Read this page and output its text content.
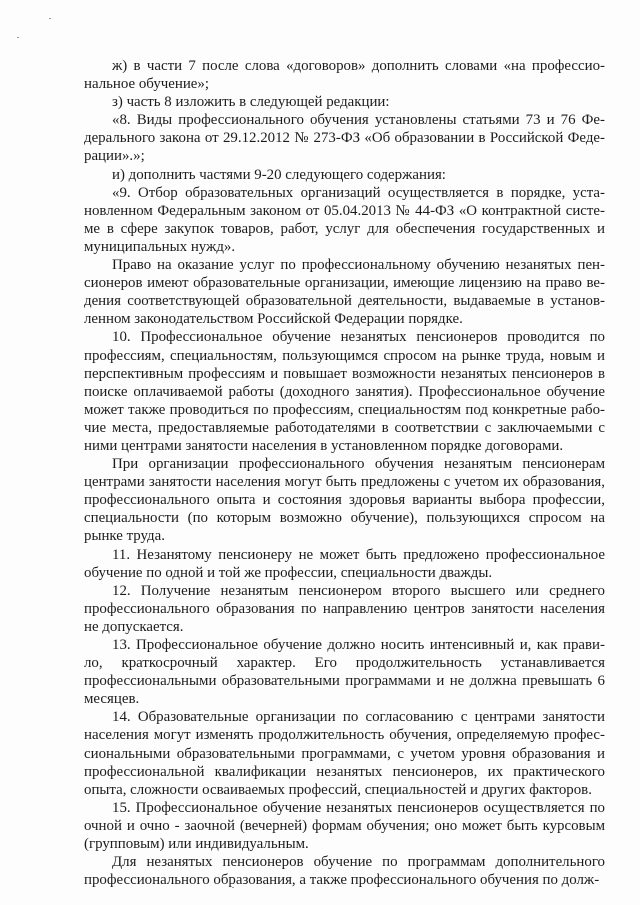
ж) в части 7 после слова «договоров» дополнить словами «на профессиональное обучение»;

з) часть 8 изложить в следующей редакции:

«8. Виды профессионального обучения установлены статьями 73 и 76 Федерального закона от 29.12.2012 № 273-ФЗ «Об образовании в Российской Федерации».»;

и) дополнить частями 9-20 следующего содержания:

«9. Отбор образовательных организаций осуществляется в порядке, установленном Федеральным законом от 05.04.2013 № 44-ФЗ «О контрактной системе в сфере закупок товаров, работ, услуг для обеспечения государственных и муниципальных нужд».

Право на оказание услуг по профессиональному обучению незанятых пенсионеров имеют образовательные организации, имеющие лицензию на право ведения соответствующей образовательной деятельности, выдаваемые в установленном законодательством Российской Федерации порядке.

10. Профессиональное обучение незанятых пенсионеров проводится по профессиям, специальностям, пользующимся спросом на рынке труда, новым и перспективным профессиям и повышает возможности незанятых пенсионеров в поиске оплачиваемой работы (доходного занятия). Профессиональное обучение может также проводиться по профессиям, специальностям под конкретные рабочие места, предоставляемые работодателями в соответствии с заключаемыми с ними центрами занятости населения в установленном порядке договорами.

При организации профессионального обучения незанятым пенсионерам центрами занятости населения могут быть предложены с учетом их образования, профессионального опыта и состояния здоровья варианты выбора профессии, специальности (по которым возможно обучение), пользующихся спросом на рынке труда.

11. Незанятому пенсионеру не может быть предложено профессиональное обучение по одной и той же профессии, специальности дважды.

12. Получение незанятым пенсионером второго высшего или среднего профессионального образования по направлению центров занятости населения не допускается.

13. Профессиональное обучение должно носить интенсивный и, как правило, краткосрочный характер. Его продолжительность устанавливается профессиональными образовательными программами и не должна превышать 6 месяцев.

14. Образовательные организации по согласованию с центрами занятости населения могут изменять продолжительность обучения, определяемую профессиональными образовательными программами, с учетом уровня образования и профессиональной квалификации незанятых пенсионеров, их практического опыта, сложности осваиваемых профессий, специальностей и других факторов.

15. Профессиональное обучение незанятых пенсионеров осуществляется по очной и очно - заочной (вечерней) формам обучения; оно может быть курсовым (групповым) или индивидуальным.

Для незанятых пенсионеров обучение по программам дополнительного профессионального образования, а также профессионального обучения по долж-
